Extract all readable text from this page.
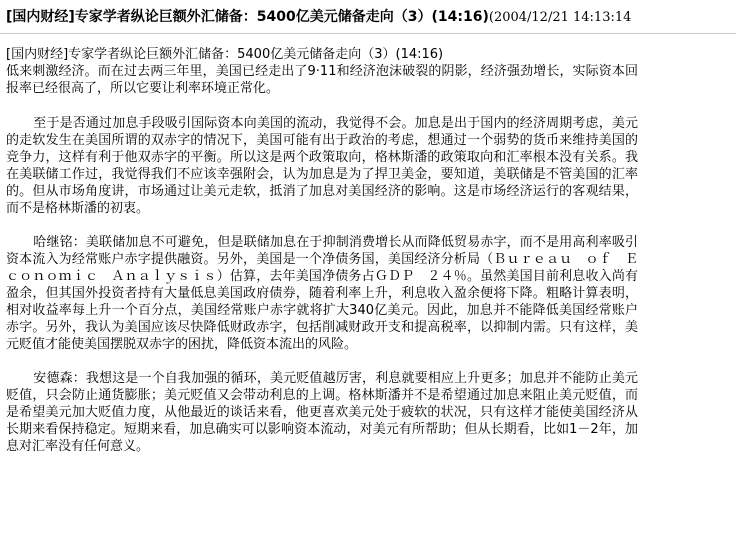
[国内财经]专家学者纵论巨额外汇储备：5400亿美元储备走向（3）(14:16)(2004/12/21 14:13:14

[国内财经]专家学者纵论巨额外汇储备：5400亿美元储备走向（3）(14:16)
低来刺激经济。而在过去两三年里，美国已经走出了9·11和经济泡沫破裂的阴影，经济强劲增长，实际资本回报率已经很高了，所以它要让利率环境正常化。

至于是否通过加息手段吸引国际资本向美国的流动，我觉得不会。加息是出于国内的经济周期考虑，美元的走软发生在美国所谓的双赤字的情况下，美国可能有出于政治的考虑，想通过一个弱势的货币来维持美国的竞争力，这样有利于他双赤字的平衡。所以这是两个政策取向，格林斯潘的政策取向和汇率根本没有关系。我在美联储工作过，我觉得我们不应该幸强附会，认为加息是为了捍卫美金，要知道，美联储是不管美国的汇率的。但从市场角度讲，市场通过让美元走软，抵消了加息对美国经济的影响。这是市场经济运行的客观结果，而不是格林斯潘的初衷。

哈继铭：美联储加息不可避免，但是联储加息在于抑制消费增长从而降低贸易赤字，而不是用高利率吸引资本流入为经常账户赤字提供融资。另外，美国是一个净债务国，美国经济分析局（Ｂｕｒｅａｕ　ｏｆ　Ｅｃｏｎｏｍｉｃ　Ａｎａｌｙｓｉｓ）估算，去年美国净债务占ＧＤＰ　２４％。虽然美国目前利息收入尚有盈余，但其国外投资者持有大量低息美国政府债券，随着利率上升，利息收入盈余便将下降。粗略计算表明，相对收益率每上升一个百分点，美国经常账户赤字就将扩大340亿美元。因此，加息并不能降低美国经常账户赤字。另外，我认为美国应该尽快降低财政赤字，包括削减财政开支和提高税率，以抑制内需。只有这样，美元贬值才能使美国摆脱双赤字的困扰，降低资本流出的风险。

安德森：我想这是一个自我加强的循环，美元贬值越厉害，利息就要相应上升更多；加息并不能防止美元贬值，只会防止通货膨胀；美元贬值又会带动利息的上调。格林斯潘并不是希望通过加息来阻止美元贬值，而是希望美元加大贬值力度，从他最近的谈话来看，他更喜欢美元处于疲软的状况，只有这样才能使美国经济从长期来看保持稳定。短期来看，加息确实可以影响资本流动，对美元有所帮助；但从长期看，比如1－2年，加息对汇率没有任何意义。
